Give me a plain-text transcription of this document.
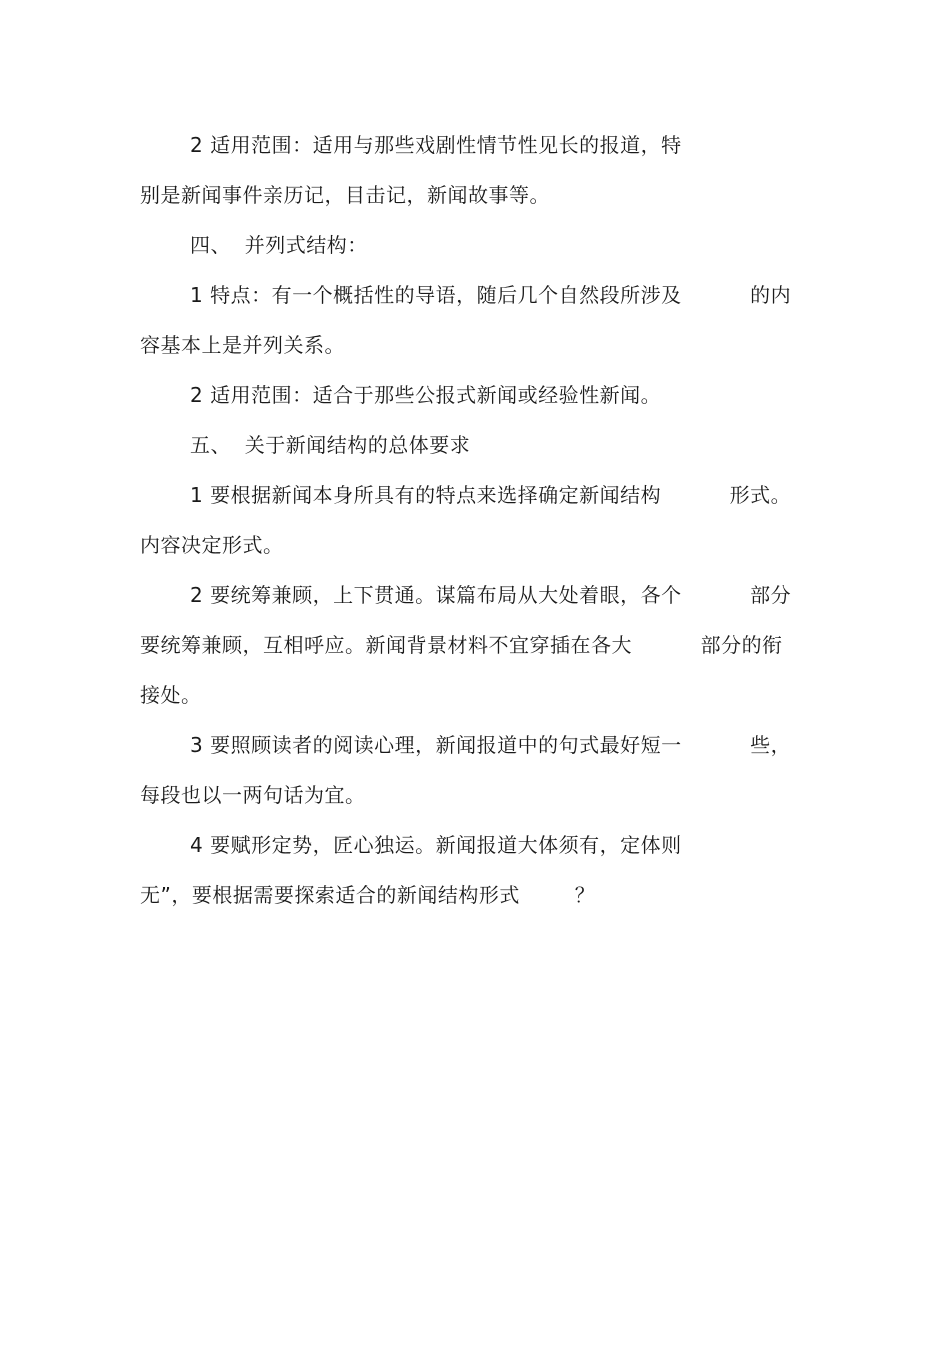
2 适用范围：适用与那些戏剧性情节性见长的报道，特
别是新闻事件亲历记，目击记，新闻故事等。
四、  并列式结构：
1 特点：有一个概括性的导语，随后几个自然段所涉及          的内
容基本上是并列关系。
2 适用范围：适合于那些公报式新闻或经验性新闻。
五、  关于新闻结构的总体要求
1 要根据新闻本身所具有的特点来选择确定新闻结构          形式。
内容决定形式。
2 要统筹兼顾，上下贯通。谋篇布局从大处着眼，各个          部分
要统筹兼顾，互相呼应。新闻背景材料不宜穿插在各大          部分的衔
接处。
3 要照顾读者的阅读心理，新闻报道中的句式最好短一          些，
每段也以一两句话为宜。
4 要赋形定势，匠心独运。新闻报道大体须有，定体则
无”，要根据需要探索适合的新闻结构形式        ？
